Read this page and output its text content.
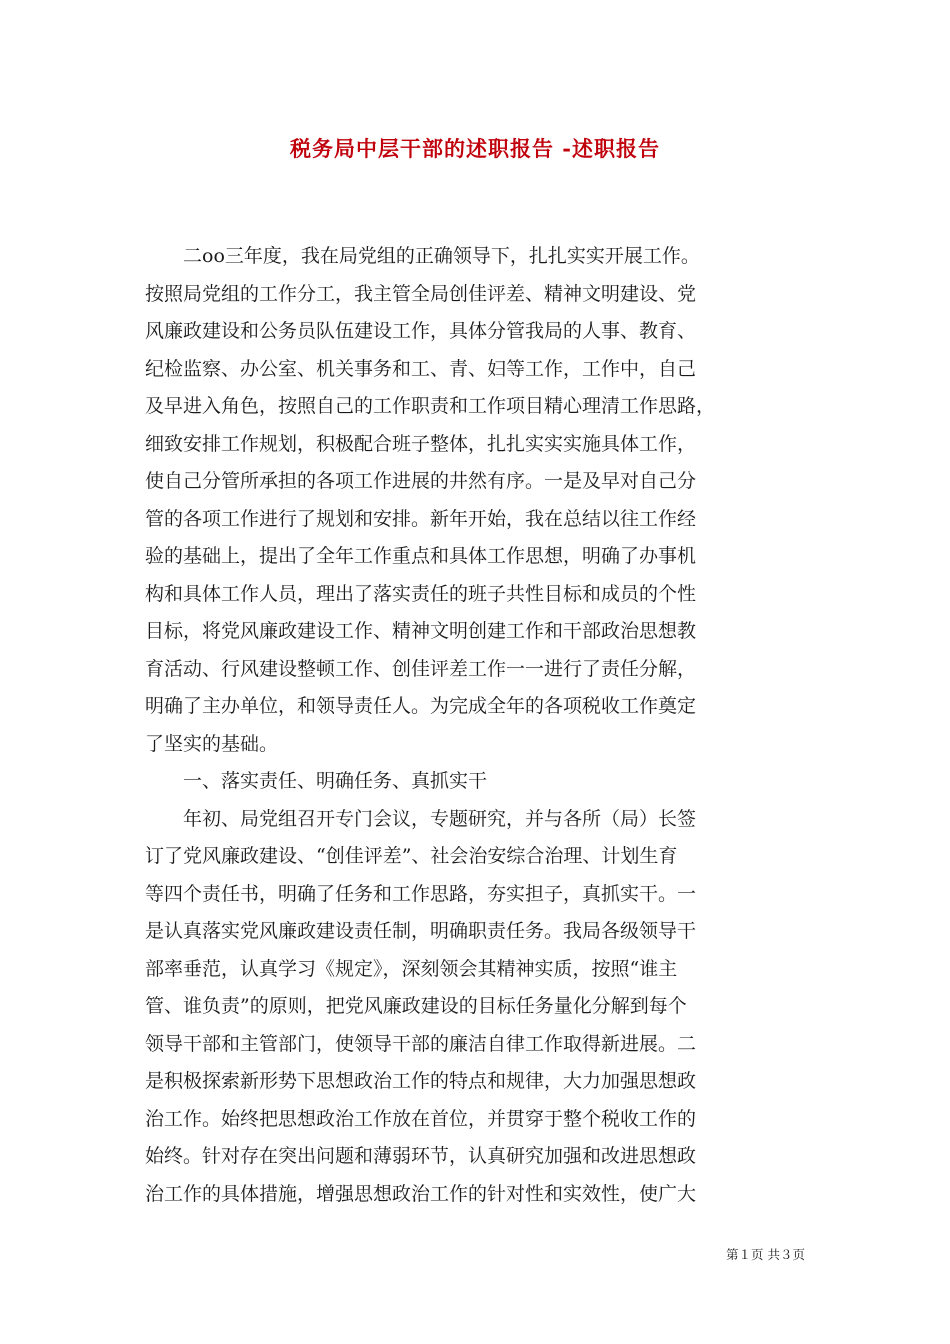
税务局中层干部的述职报告 -述职报告
　　二oo三年度，我在局党组的正确领导下，扎扎实实开展工作。
按照局党组的工作分工，我主管全局创佳评差、精神文明建设、党
风廉政建设和公务员队伍建设工作，具体分管我局的人事、教育、
纪检监察、办公室、机关事务和工、青、妇等工作，工作中，自己
及早进入角色，按照自己的工作职责和工作项目精心理清工作思路，
细致安排工作规划，积极配合班子整体，扎扎实实实施具体工作，
使自己分管所承担的各项工作进展的井然有序。一是及早对自己分
管的各项工作进行了规划和安排。新年开始，我在总结以往工作经
验的基础上，提出了全年工作重点和具体工作思想，明确了办事机
构和具体工作人员，理出了落实责任的班子共性目标和成员的个性
目标，将党风廉政建设工作、精神文明创建工作和干部政治思想教
育活动、行风建设整顿工作、创佳评差工作一一进行了责任分解，
明确了主办单位，和领导责任人。为完成全年的各项税收工作奠定
了坚实的基础。
　　一、落实责任、明确任务、真抓实干
　　年初、局党组召开专门会议，专题研究，并与各所（局）长签
订了党风廉政建设、“创佳评差”、社会治安综合治理、计划生育
等四个责任书，明确了任务和工作思路，夯实担子，真抓实干。一
是认真落实党风廉政建设责任制，明确职责任务。我局各级领导干
部率垂范，认真学习《规定》，深刻领会其精神实质，按照“谁主
管、谁负责”的原则，把党风廉政建设的目标任务量化分解到每个
领导干部和主管部门，使领导干部的廉洁自律工作取得新进展。二
是积极探索新形势下思想政治工作的特点和规律，大力加强思想政
治工作。始终把思想政治工作放在首位，并贯穿于整个税收工作的
始终。针对存在突出问题和薄弱环节，认真研究加强和改进思想政
治工作的具体措施，增强思想政治工作的针对性和实效性，使广大
第１页 共３页
